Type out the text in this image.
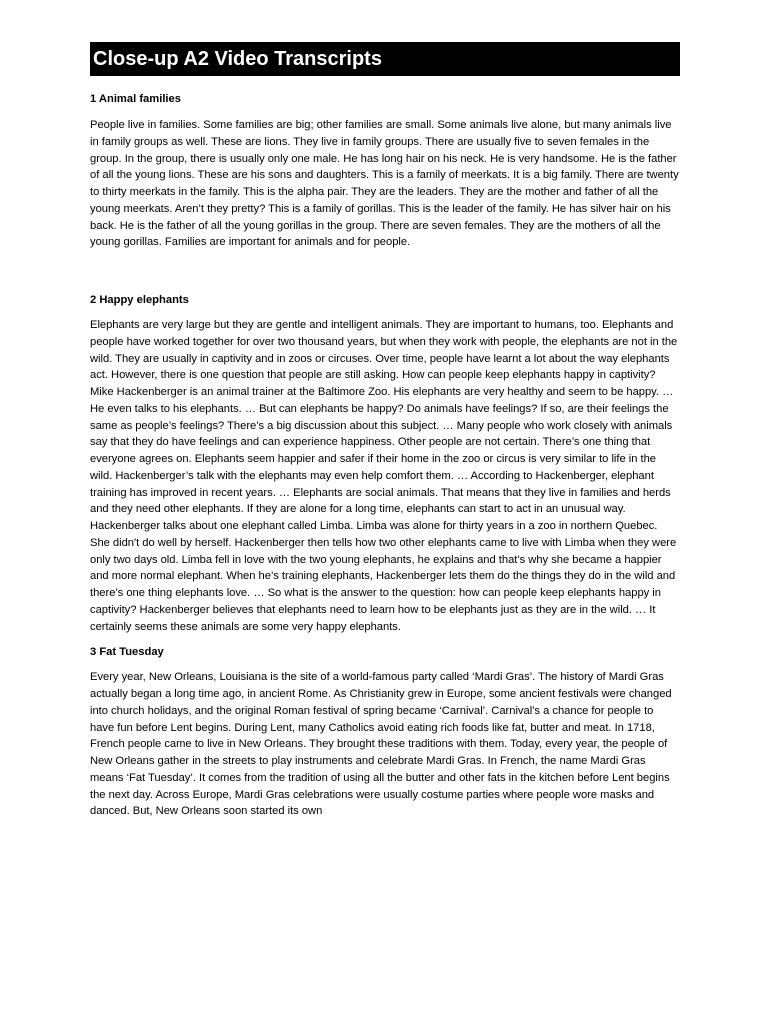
Close-up A2 Video Transcripts
1 Animal families

People live in families. Some families are big; other families are small. Some animals live alone, but many animals live in family groups as well. These are lions. They live in family groups. There are usually five to seven females in the group. In the group, there is usually only one male. He has long hair on his neck. He is very handsome. He is the father of all the young lions. These are his sons and daughters. This is a family of meerkats. It is a big family. There are twenty to thirty meerkats in the family. This is the alpha pair. They are the leaders. They are the mother and father of all the young meerkats. Aren’t they pretty? This is a family of gorillas. This is the leader of the family. He has silver hair on his back. He is the father of all the young gorillas in the group. There are seven females. They are the mothers of all the young gorillas. Families are important for animals and for people.

2 Happy elephants

Elephants are very large but they are gentle and intelligent animals. They are important to humans, too. Elephants and people have worked together for over two thousand years, but when they work with people, the elephants are not in the wild. They are usually in captivity and in zoos or circuses. Over time, people have learnt a lot about the way elephants act. However, there is one question that people are still asking. How can people keep elephants happy in captivity? Mike Hackenberger is an animal trainer at the Baltimore Zoo. His elephants are very healthy and seem to be happy. … He even talks to his elephants. … But can elephants be happy? Do animals have feelings? If so, are their feelings the same as people’s feelings? There’s a big discussion about this subject. … Many people who work closely with animals say that they do have feelings and can experience happiness. Other people are not certain. There’s one thing that everyone agrees on. Elephants seem happier and safer if their home in the zoo or circus is very similar to life in the wild. Hackenberger’s talk with the elephants may even help comfort them. … According to Hackenberger, elephant training has improved in recent years. … Elephants are social animals. That means that they live in families and herds and they need other elephants. If they are alone for a long time, elephants can start to act in an unusual way. Hackenberger talks about one elephant called Limba. Limba was alone for thirty years in a zoo in northern Quebec. She didn't do well by herself. Hackenberger then tells how two other elephants came to live with Limba when they were only two days old. Limba fell in love with the two young elephants, he explains and that’s why she became a happier and more normal elephant. When he’s training elephants, Hackenberger lets them do the things they do in the wild and there’s one thing elephants love. … So what is the answer to the question: how can people keep elephants happy in captivity? Hackenberger believes that elephants need to learn how to be elephants just as they are in the wild. … It certainly seems these animals are some very happy elephants.

3 Fat Tuesday

Every year, New Orleans, Louisiana is the site of a world-famous party called ‘Mardi Gras’. The history of Mardi Gras actually began a long time ago, in ancient Rome. As Christianity grew in Europe, some ancient festivals were changed into church holidays, and the original Roman festival of spring became ‘Carnival’. Carnival’s a chance for people to have fun before Lent begins. During Lent, many Catholics avoid eating rich foods like fat, butter and meat. In 1718, French people came to live in New Orleans. They brought these traditions with them. Today, every year, the people of New Orleans gather in the streets to play instruments and celebrate Mardi Gras. In French, the name Mardi Gras means ‘Fat Tuesday’. It comes from the tradition of using all the butter and other fats in the kitchen before Lent begins the next day. Across Europe, Mardi Gras celebrations were usually costume parties where people wore masks and danced. But, New Orleans soon started its own
